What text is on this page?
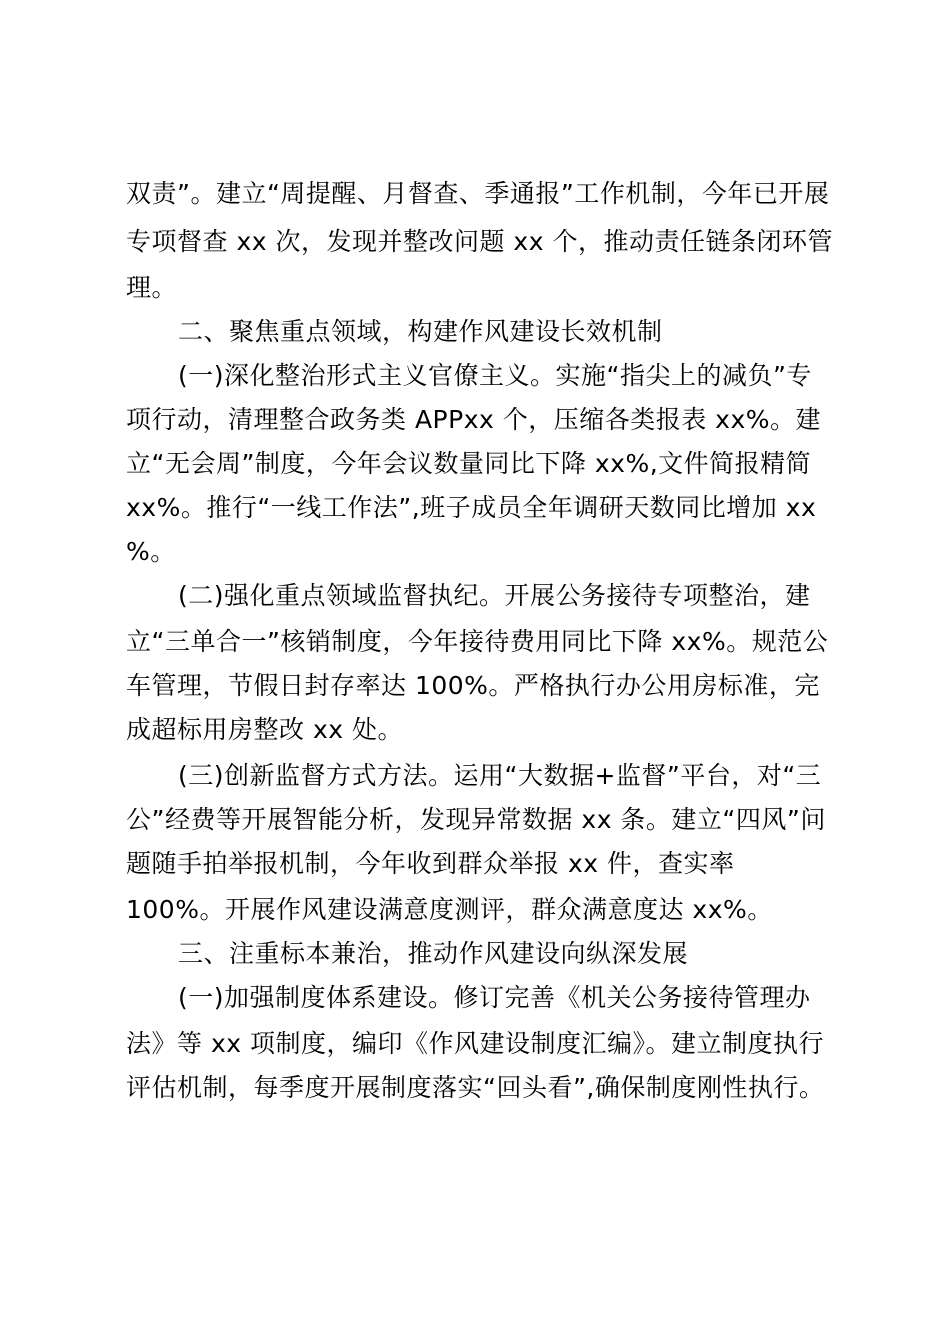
双责”。建立“周提醒、月督查、季通报”工作机制，今年已开展
专项督查 xx 次，发现并整改问题 xx 个，推动责任链条闭环管
理。
二、聚焦重点领域，构建作风建设长效机制
(一)深化整治形式主义官僚主义。实施“指尖上的减负”专
项行动，清理整合政务类 APPxx 个，压缩各类报表 xx%。建
立“无会周”制度，今年会议数量同比下降 xx%,文件简报精简
xx%。推行“一线工作法”,班子成员全年调研天数同比增加 xx
%。
(二)强化重点领域监督执纪。开展公务接待专项整治，建
立“三单合一”核销制度，今年接待费用同比下降 xx%。规范公
车管理，节假日封存率达 100%。严格执行办公用房标准，完
成超标用房整改 xx 处。
(三)创新监督方式方法。运用“大数据+监督”平台，对“三
公”经费等开展智能分析，发现异常数据 xx 条。建立“四风”问
题随手拍举报机制，今年收到群众举报 xx 件，查实率
100%。开展作风建设满意度测评，群众满意度达 xx%。
三、注重标本兼治，推动作风建设向纵深发展
(一)加强制度体系建设。修订完善《机关公务接待管理办
法》等 xx 项制度，编印《作风建设制度汇编》。建立制度执行
评估机制，每季度开展制度落实“回头看”,确保制度刚性执行。
